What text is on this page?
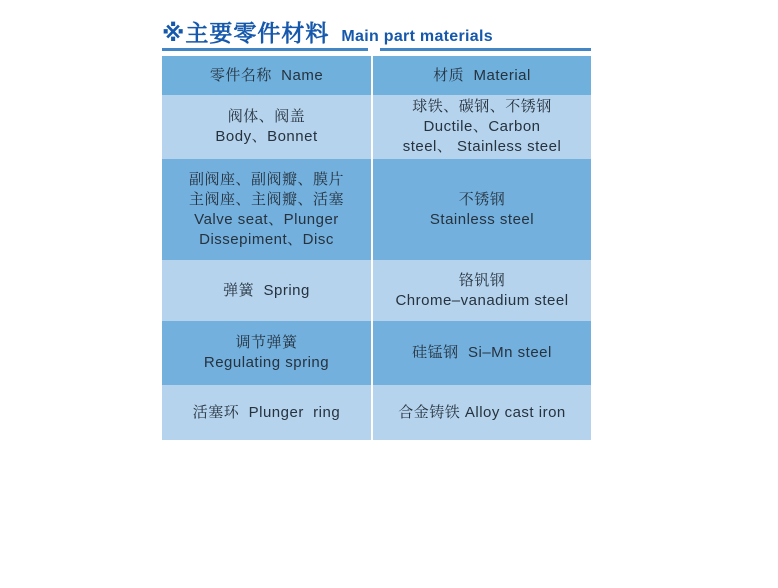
※主要零件材料 Main part materials
零件名称  Name	材质  Material
阀体、阀盖
Body、Bonnet
球铁、碳钢、不锈钢
Ductile、Carbon
steel、 Stainless steel
副阀座、副阀瓣、膜片
主阀座、主阀瓣、活塞
Valve seat、Plunger
Dissepiment、Disc
不锈钢
Stainless steel
弹簧  Spring
铬钒钢
Chrome–vanadium steel
调节弹簧
Regulating spring
硅锰钢  Si–Mn steel
活塞环  Plunger  ring	合金铸铁 Alloy cast iron
